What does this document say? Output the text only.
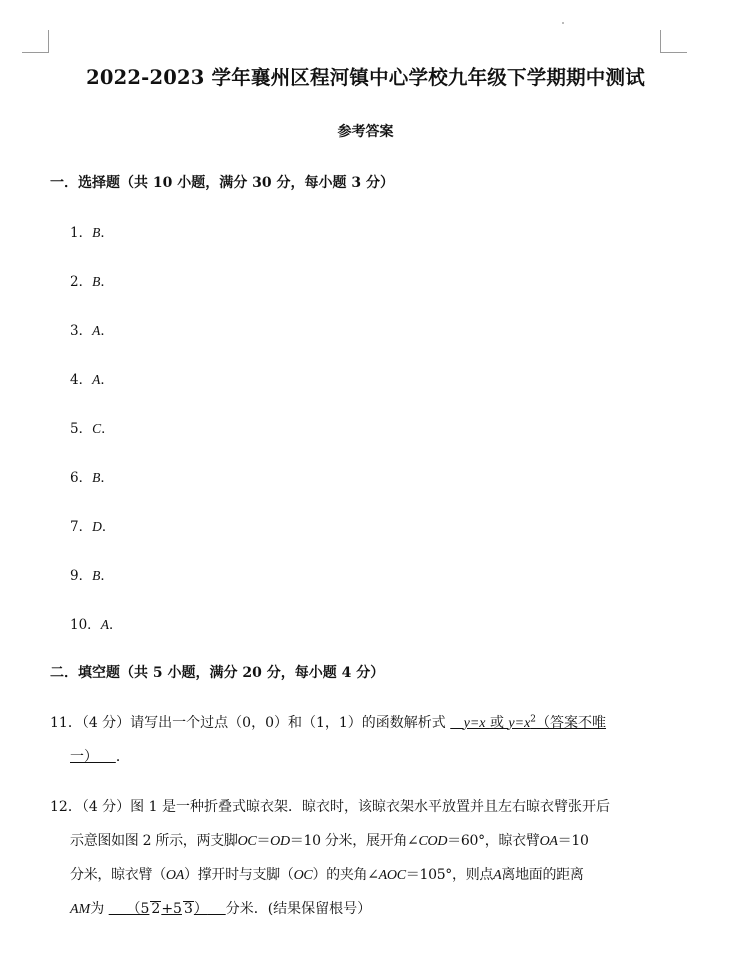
2022-2023 学年襄州区程河镇中心学校九年级下学期期中测试
参考答案
一．选择题（共 10 小题，满分 30 分，每小题 3 分）
1．B．
2．B．
3．A．
4．A．
5．C．
6．B．
7．D．
9．B．
10．A．
二．填空题（共 5 小题，满分 20 分，每小题 4 分）
11．（4 分）请写出一个过点（0，0）和（1，1）的函数解析式 y=x 或 $y=x^2$（答案不唯
一） ．
12．（4 分）图 1 是一种折叠式晾衣架．晾衣时，该晾衣架水平放置并且左右晾衣臂张开后
示意图如图 2 所示，两支脚OC＝OD＝10 分米，展开角∠COD＝60°，晾衣臂OA＝10
分米，晾衣臂（OA）撑开时与支脚（OC）的夹角∠AOC＝105°，则点A离地面的距离
AM为 （5 2+5 3） 分米．(结果保留根号）
